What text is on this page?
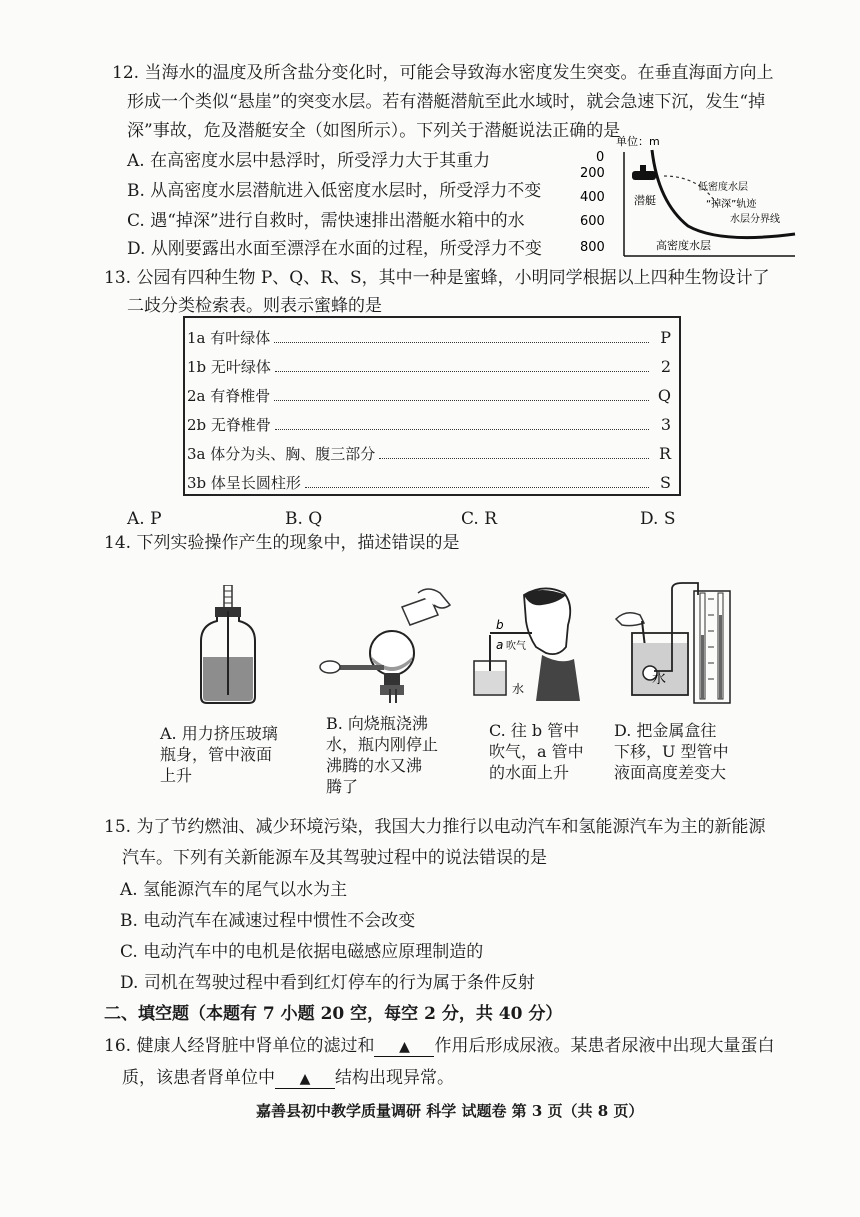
12. 当海水的温度及所含盐分变化时，可能会导致海水密度发生突变。在垂直海面方向上
形成一个类似“悬崖”的突变水层。若有潜艇潜航至此水域时，就会急速下沉，发生“掉
深”事故，危及潜艇安全（如图所示）。下列关于潜艇说法正确的是
A. 在高密度水层中悬浮时，所受浮力大于其重力
B. 从高密度水层潜航进入低密度水层时，所受浮力不变
C. 遇“掉深”进行自救时，需快速排出潜艇水箱中的水
D. 从刚要露出水面至漂浮在水面的过程，所受浮力不变
单位：m
0
200
400
600
800
潜艇
低密度水层
“掉深”轨迹
水层分界线
高密度水层
13. 公园有四种生物 P、Q、R、S，其中一种是蜜蜂，小明同学根据以上四种生物设计了
二歧分类检索表。则表示蜜蜂的是
1a 有叶绿体	P
1b 无叶绿体	2
2a 有脊椎骨	Q
2b 无脊椎骨	3
3a 体分为头、胸、腹三部分	R
3b 体呈长圆柱形	S
A. P	B. Q	C. R	D. S
14. 下列实验操作产生的现象中，描述错误的是
b
a 吹气
水
水
A. 用力挤压玻璃
瓶身，管中液面
上升
B. 向烧瓶浇沸
水，瓶内刚停止
沸腾的水又沸
腾了
C. 往 b 管中
吹气，a 管中
的水面上升
D. 把金属盒往
下移，U 型管中
液面高度差变大
15. 为了节约燃油、减少环境污染，我国大力推行以电动汽车和氢能源汽车为主的新能源
汽车。下列有关新能源车及其驾驶过程中的说法错误的是
A. 氢能源汽车的尾气以水为主
B. 电动汽车在减速过程中惯性不会改变
C. 电动汽车中的电机是依据电磁感应原理制造的
D. 司机在驾驶过程中看到红灯停车的行为属于条件反射
二、填空题（本题有 7 小题 20 空，每空 2 分，共 40 分）
16. 健康人经肾脏中肾单位的滤过和 ▲ 作用后形成尿液。某患者尿液中出现大量蛋白
质，该患者肾单位中 ▲ 结构出现异常。
嘉善县初中教学质量调研 科学 试题卷 第 3 页（共 8 页）
